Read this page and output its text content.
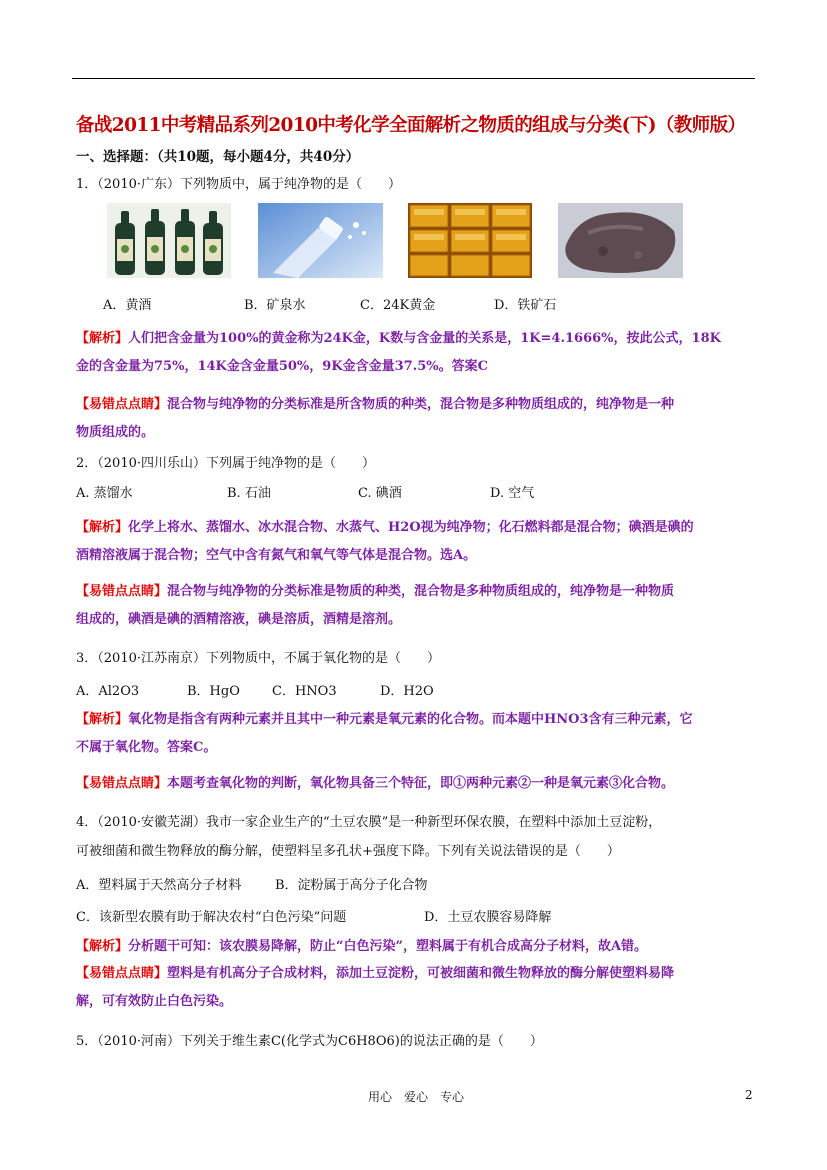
备战2011中考精品系列2010中考化学全面解析之物质的组成与分类(下)（教师版）
一、选择题：（共10题，每小题4分，共40分）
1．（2010·广东）下列物质中，属于纯净物的是（　　）
A．黄酒	B．矿泉水	C．24K黄金	D．铁矿石

【解析】人们把含金量为100%的黄金称为24K金，K数与含金量的关系是，1K=4.1666%，按此公式，18K

金的含金量为75%，14K金含金量50%，9K金含金量37.5%。答案C

【易错点点睛】混合物与纯净物的分类标准是所含物质的种类，混合物是多种物质组成的，纯净物是一种

物质组成的。

2．（2010·四川乐山）下列属于纯净物的是（　　）
A. 蒸馏水	B. 石油	C. 碘酒	D. 空气

【解析】化学上将水、蒸馏水、冰水混合物、水蒸气、H2O视为纯净物；化石燃料都是混合物；碘酒是碘的

酒精溶液属于混合物；空气中含有氮气和氧气等气体是混合物。选A。

【易错点点睛】混合物与纯净物的分类标准是物质的种类，混合物是多种物质组成的，纯净物是一种物质

组成的，碘酒是碘的酒精溶液，碘是溶质，酒精是溶剂。

3．（2010·江苏南京）下列物质中，不属于氧化物的是（　　）
A．Al2O3	B．HgO C．HNO3	D．H2O

【解析】氧化物是指含有两种元素并且其中一种元素是氧元素的化合物。而本题中HNO3含有三种元素，它

不属于氧化物。答案C。

【易错点点睛】本题考查氧化物的判断，氧化物具备三个特征，即①两种元素②一种是氧元素③化合物。

4．（2010·安徽芜湖）我市一家企业生产的“土豆农膜”是一种新型环保农膜，在塑料中添加土豆淀粉，
可被细菌和微生物释放的酶分解，使塑料呈多孔状+强度下降。下列有关说法错误的是（　　）
A．塑料属于天然高分子材料	B．淀粉属于高分子化合物
C．该新型农膜有助于解决农村“白色污染”问题	D．土豆农膜容易降解

【解析】分析题干可知：该农膜易降解，防止“白色污染”，塑料属于有机合成高分子材料，故A错。

【易错点点睛】塑料是有机高分子合成材料，添加土豆淀粉，可被细菌和微生物释放的酶分解使塑料易降

解，可有效防止白色污染。

5．（2010·河南）下列关于维生素C(化学式为C6H8O6)的说法正确的是（　　）
用心　爱心　专心	2
